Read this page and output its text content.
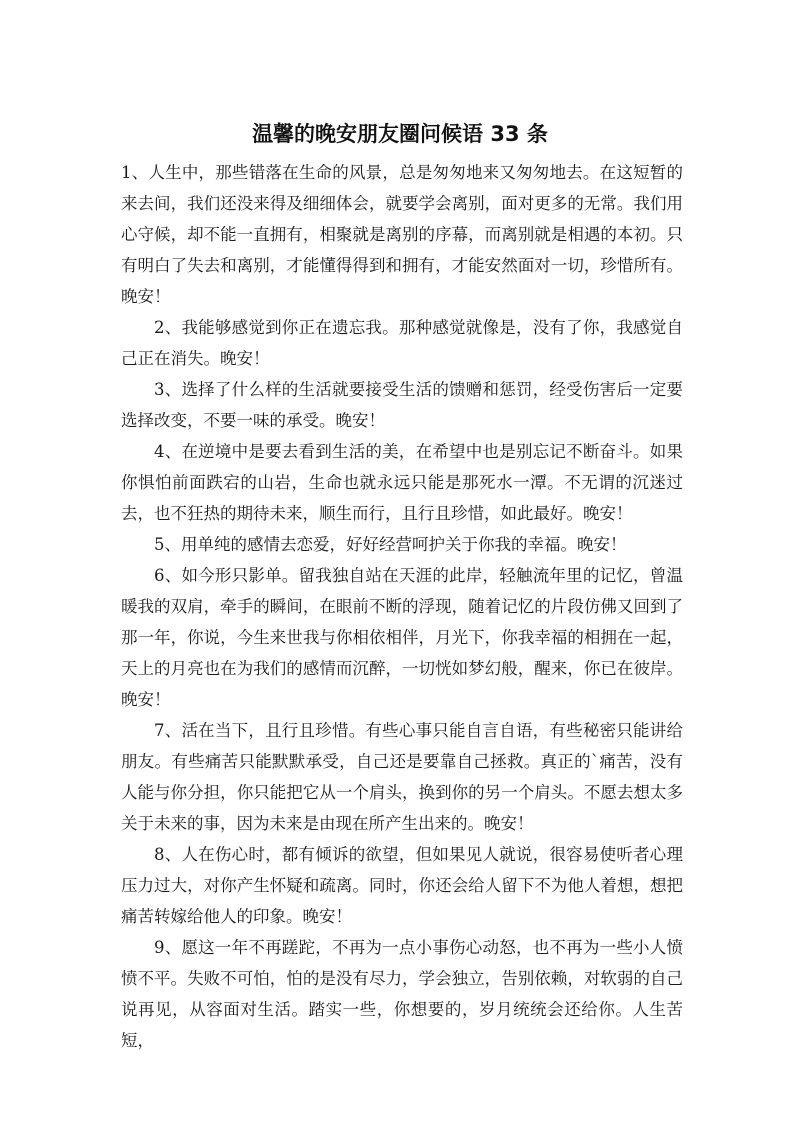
温馨的晚安朋友圈问候语 33 条

1、人生中，那些错落在生命的风景，总是匆匆地来又匆匆地去。在这短暂的来去间，我们还没来得及细细体会，就要学会离别，面对更多的无常。我们用心守候，却不能一直拥有，相聚就是离别的序幕，而离别就是相遇的本初。只有明白了失去和离别，才能懂得得到和拥有，才能安然面对一切，珍惜所有。晚安！

2、我能够感觉到你正在遗忘我。那种感觉就像是，没有了你，我感觉自己正在消失。晚安！

3、选择了什么样的生活就要接受生活的馈赠和惩罚，经受伤害后一定要选择改变，不要一味的承受。晚安！

4、在逆境中是要去看到生活的美，在希望中也是别忘记不断奋斗。如果你惧怕前面跌宕的山岩，生命也就永远只能是那死水一潭。不无谓的沉迷过去，也不狂热的期待未来，顺生而行，且行且珍惜，如此最好。晚安！

5、用单纯的感情去恋爱，好好经营呵护关于你我的幸福。晚安！

6、如今形只影单。留我独自站在天涯的此岸，轻触流年里的记忆，曾温暖我的双肩，牵手的瞬间，在眼前不断的浮现，随着记忆的片段仿佛又回到了那一年，你说，今生来世我与你相依相伴，月光下，你我幸福的相拥在一起，天上的月亮也在为我们的感情而沉醉，一切恍如梦幻般，醒来，你已在彼岸。晚安！

7、活在当下，且行且珍惜。有些心事只能自言自语，有些秘密只能讲给朋友。有些痛苦只能默默承受，自己还是要靠自己拯救。真正的`痛苦，没有人能与你分担，你只能把它从一个肩头，换到你的另一个肩头。不愿去想太多关于未来的事，因为未来是由现在所产生出来的。晚安！

8、人在伤心时，都有倾诉的欲望，但如果见人就说，很容易使听者心理压力过大，对你产生怀疑和疏离。同时，你还会给人留下不为他人着想，想把痛苦转嫁给他人的印象。晚安！

9、愿这一年不再蹉跎，不再为一点小事伤心动怒，也不再为一些小人愤愤不平。失败不可怕，怕的是没有尽力，学会独立，告别依赖，对软弱的自己说再见，从容面对生活。踏实一些，你想要的，岁月统统会还给你。人生苦短，
